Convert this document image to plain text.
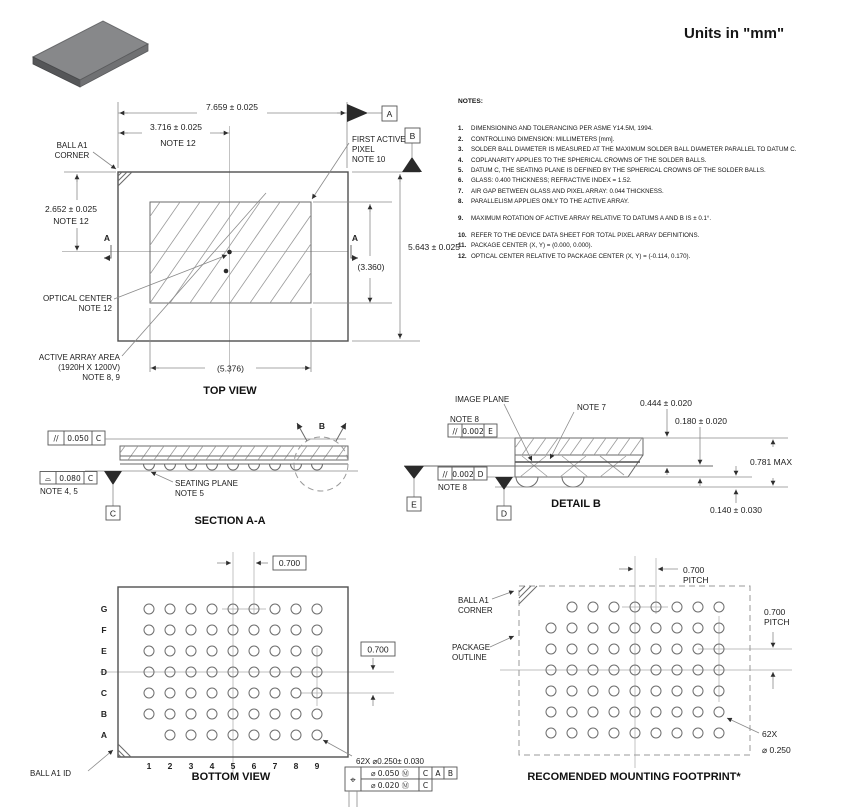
7.659 ± 0.025
3.716 ± 0.025
NOTE 12
BALL A1
CORNER
FIRST ACTIVE
PIXEL
NOTE 10
2.652 ± 0.025
NOTE 12
5.643 ± 0.025
(3.360)
OPTICAL CENTER
NOTE 12
ACTIVE ARRAY AREA
(1920H X 1200V)
NOTE 8, 9
(5.376)
TOP VIEW
A
B
A	A
// 0.050 C
⌓ 0.080 C
NOTE 4, 5
C
SEATING PLANE
NOTE 5
B
SECTION A-A
IMAGE PLANE
NOTE 7
NOTE 8
// 0.002 E
// 0.002 D
NOTE 8
E
D
0.444 ± 0.020
0.180 ± 0.020
0.781 MAX
0.140 ± 0.030
DETAIL B
G
F
E
D
C
B
A
1 2 3 4 5 6 7 8 9
0.700
0.700
BALL A1 ID	BOTTOM VIEW
62X ⌀0.250± 0.030
⌖
⌀ 0.050 Ⓜ C A B
⌀ 0.020 Ⓜ C
BALL A1
CORNER
PACKAGE
OUTLINE
0.700
PITCH
0.700
PITCH
62X
⌀ 0.250
RECOMENDED MOUNTING FOOTPRINT*
Units in "mm"
NOTES:
1.	DIMENSIONING AND TOLERANCING PER ASME Y14.5M, 1994.
2.	CONTROLLING DIMENSION: MILLIMETERS [mm].
3.	SOLDER BALL DIAMETER IS MEASURED AT THE MAXIMUM SOLDER BALL DIAMETER PARALLEL TO DATUM C.
4.	COPLANARITY APPLIES TO THE SPHERICAL CROWNS OF THE SOLDER BALLS.
5.	DATUM C, THE SEATING PLANE IS DEFINED BY THE SPHERICAL CROWNS OF THE SOLDER BALLS.
6.	GLASS: 0.400 THICKNESS; REFRACTIVE INDEX = 1.52.
7.	AIR GAP BETWEEN GLASS AND PIXEL ARRAY: 0.044 THICKNESS.
8.	PARALLELISM APPLIES ONLY TO THE ACTIVE ARRAY.
9.	MAXIMUM ROTATION OF ACTIVE ARRAY RELATIVE TO DATUMS A AND B IS ± 0.1°.
10. REFER TO THE DEVICE DATA SHEET FOR TOTAL PIXEL ARRAY DEFINITIONS.
11. PACKAGE CENTER (X, Y) = (0.000, 0.000).
12. OPTICAL CENTER RELATIVE TO PACKAGE CENTER (X, Y) = (-0.114, 0.170).
